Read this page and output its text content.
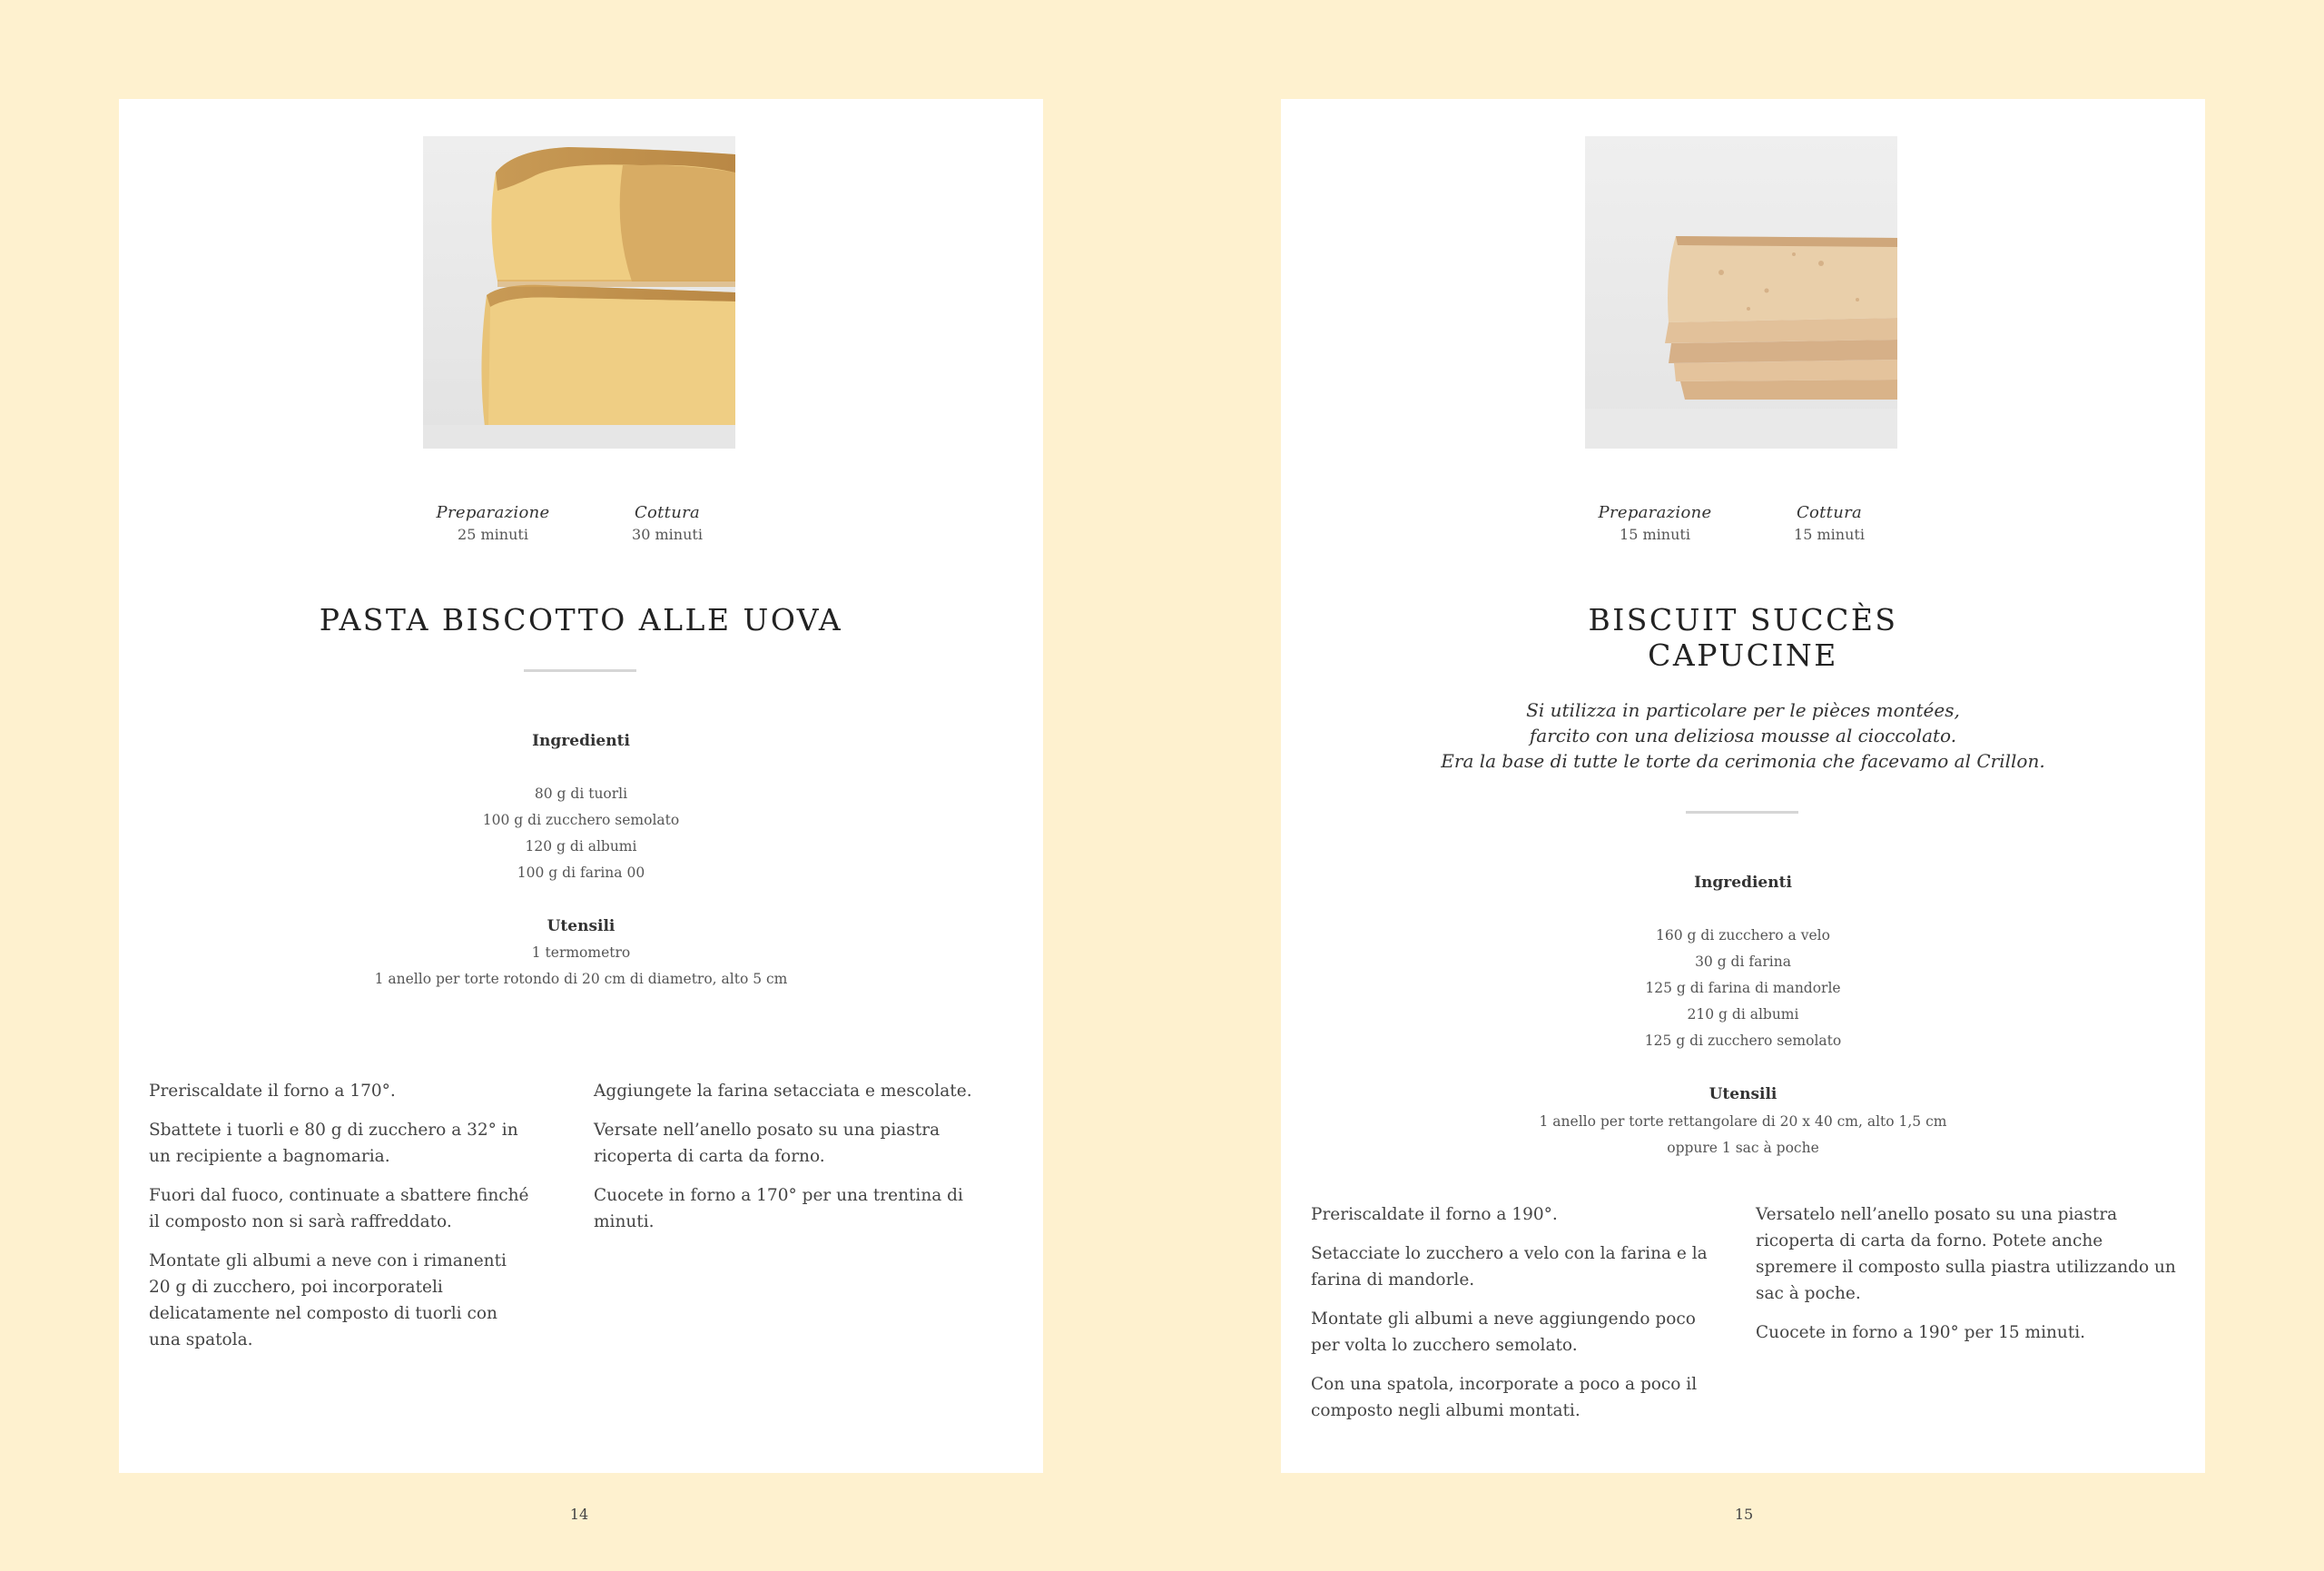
Preparazione
25 minuti
Cottura
30 minuti
PASTA BISCOTTO ALLE UOVA
Ingredienti
80 g di tuorli
100 g di zucchero semolato
120 g di albumi
100 g di farina 00
Utensili
1 termometro
1 anello per torte rotondo di 20 cm di diametro, alto 5 cm

Preriscaldate il forno a 170°.

Sbattete i tuorli e 80 g di zucchero a 32° in un recipiente a bagnomaria.

Fuori dal fuoco, continuate a sbattere finché il composto non si sarà raffreddato.

Montate gli albumi a neve con i rimanenti 20 g di zucchero, poi incorporateli delicatamente nel composto di tuorli con una spatola.

Aggiungete la farina setacciata e mescolate.

Versate nell’anello posato su una piastra ricoperta di carta da forno.

Cuocete in forno a 170° per una trentina di minuti.

14
Preparazione
15 minuti
Cottura
15 minuti
BISCUIT SUCCÈS
CAPUCINE
Si utilizza in particolare per le pièces montées,
farcito con una deliziosa mousse al cioccolato.
Era la base di tutte le torte da cerimonia che facevamo al Crillon.
Ingredienti
160 g di zucchero a velo
30 g di farina
125 g di farina di mandorle
210 g di albumi
125 g di zucchero semolato
Utensili
1 anello per torte rettangolare di 20 x 40 cm, alto 1,5 cm
oppure 1 sac à poche

Preriscaldate il forno a 190°.

Setacciate lo zucchero a velo con la farina e la farina di mandorle.

Montate gli albumi a neve aggiungendo poco per volta lo zucchero semolato.

Con una spatola, incorporate a poco a poco il composto negli albumi montati.

Versatelo nell’anello posato su una piastra ricoperta di carta da forno. Potete anche spremere il composto sulla piastra utilizzando un sac à poche.

Cuocete in forno a 190° per 15 minuti.

15
